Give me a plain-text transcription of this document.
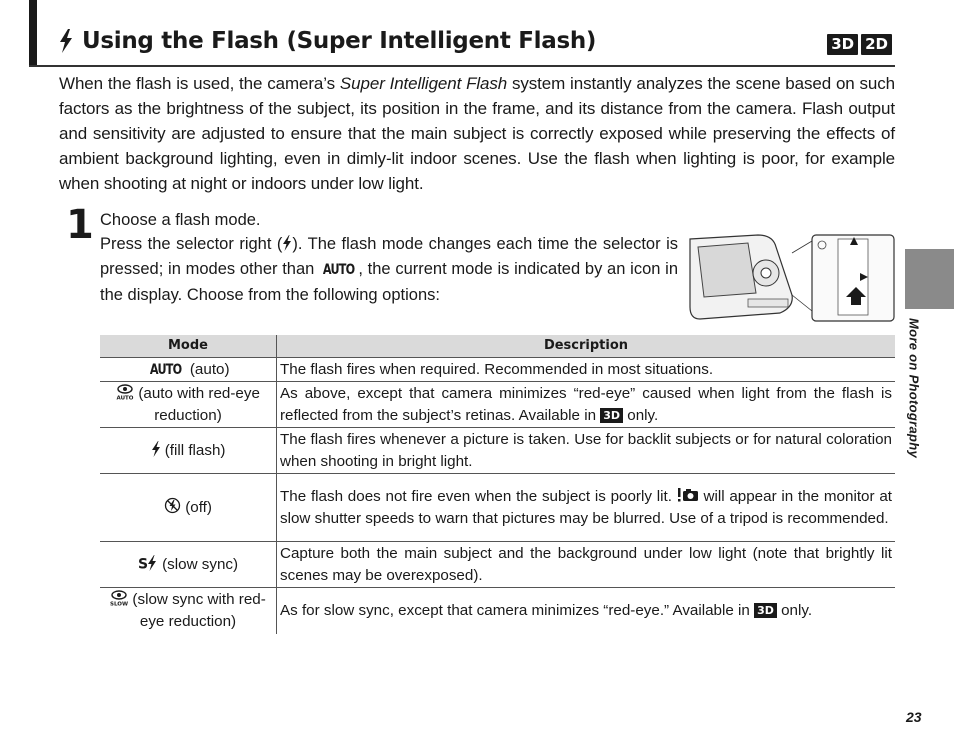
Using the Flash (Super Intelligent Flash)	3D 2D

When the flash is used, the camera’s Super Intelligent Flash system instantly analyzes the scene based on such factors as the brightness of the subject, its position in the frame, and its distance from the camera. Flash output and sensitivity are adjusted to ensure that the main subject is correctly exposed while preserving the effects of ambient background lighting, even in dimly-lit indoor scenes. Use the flash when lighting is poor, for example when shooting at night or indoors under low light.

1 Choose a flash mode.

Press the selector right ( ). The flash mode changes each time the selector is pressed; in modes other than AUTO , the current mode is indicated by an icon in the display. Choose from the following options:

More on Photography
Mode	Description
AUTO (auto)	The flash fires when required. Recommended in most situations.

AUTO (auto with red-eye reduction)	As above, except that camera minimizes “red-eye” caused when light from the flash is reflected from the subject’s retinas. Available in 3D only.
(fill flash)	The flash fires whenever a picture is taken. Use for backlit subjects or for natural coloration when shooting in bright light.
(off)	The flash does not fire even when the subject is poorly lit.  will appear in the monitor at slow shutter speeds to warn that pictures may be blurred. Use of a tripod is recommended.

S (slow sync)	Capture both the main subject and the background under low light (note that brightly lit scenes may be overexposed).

SLOW (slow sync with red-eye reduction)	As for slow sync, except that camera minimizes “red-eye.” Available in 3D only.
23
